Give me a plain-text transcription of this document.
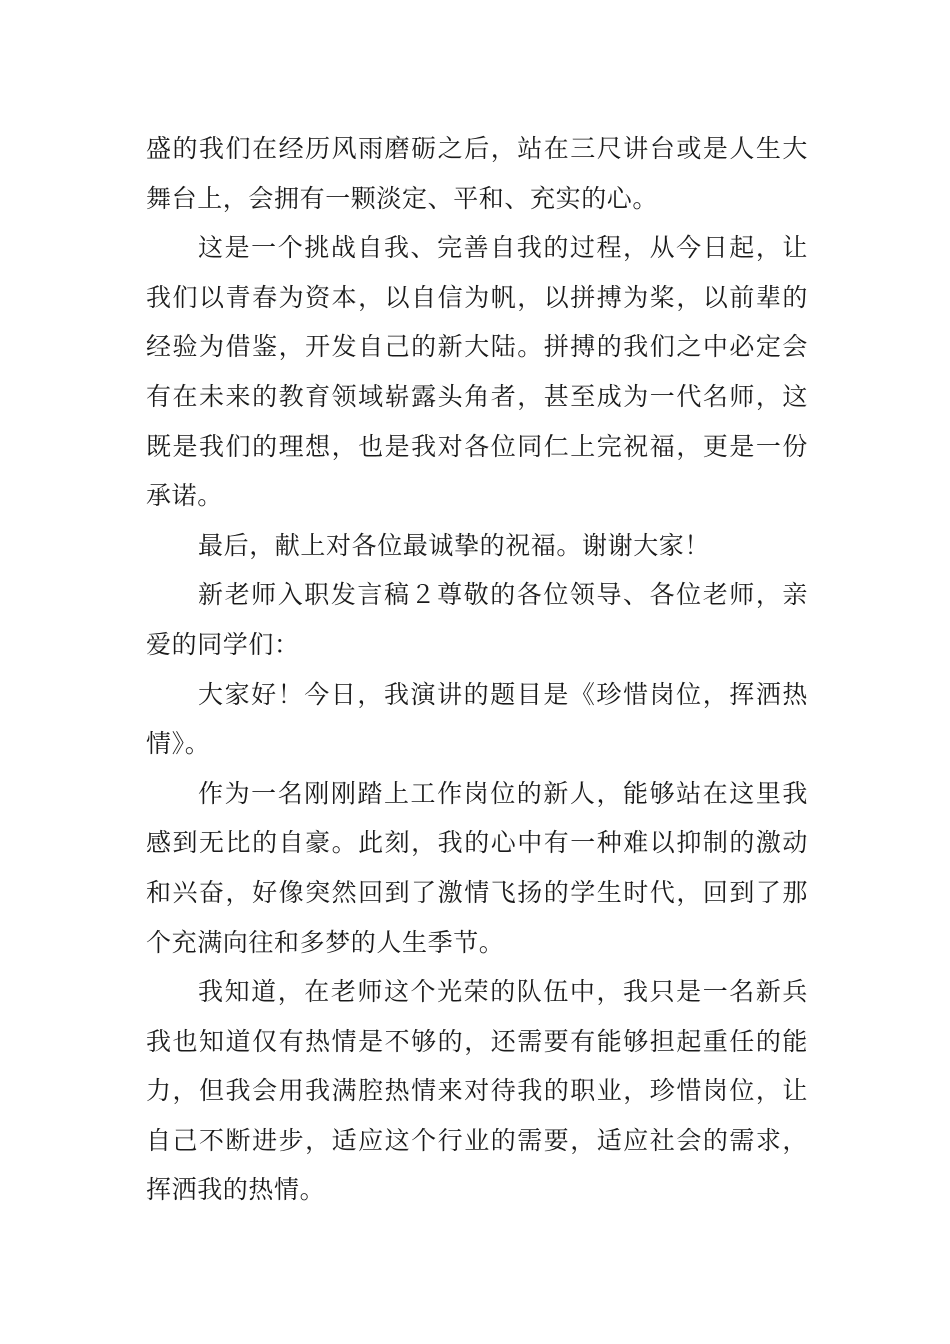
盛的我们在经历风雨磨砺之后，站在三尺讲台或是人生大舞台上，会拥有一颗淡定、平和、充实的心。

这是一个挑战自我、完善自我的过程，从今日起，让我们以青春为资本，以自信为帆，以拼搏为桨，以前辈的经验为借鉴，开发自己的新大陆。拼搏的我们之中必定会有在未来的教育领域崭露头角者，甚至成为一代名师，这既是我们的理想，也是我对各位同仁上完祝福，更是一份承诺。

最后，献上对各位最诚挚的祝福。谢谢大家！

新老师入职发言稿２尊敬的各位领导、各位老师，亲爱的同学们：

大家好！今日，我演讲的题目是《珍惜岗位，挥洒热情》。

作为一名刚刚踏上工作岗位的新人，能够站在这里我感到无比的自豪。此刻，我的心中有一种难以抑制的激动和兴奋，好像突然回到了激情飞扬的学生时代，回到了那个充满向往和多梦的人生季节。

我知道，在老师这个光荣的队伍中，我只是一名新兵我也知道仅有热情是不够的，还需要有能够担起重任的能力，但我会用我满腔热情来对待我的职业，珍惜岗位，让自己不断进步，适应这个行业的需要，适应社会的需求，挥洒我的热情。
